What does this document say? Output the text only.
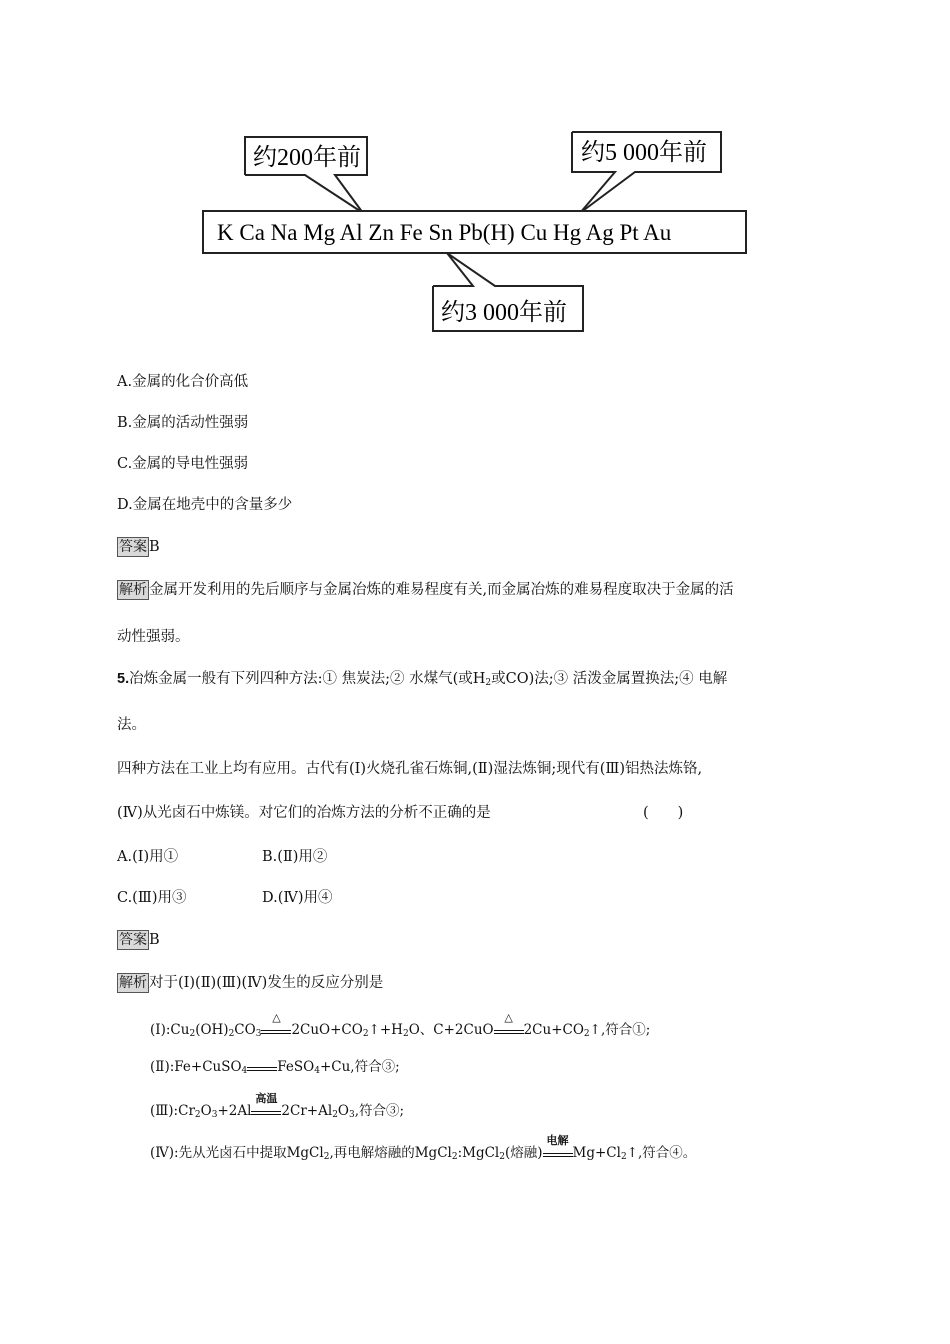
约200年前	约5 000年前
K Ca Na Mg Al Zn Fe Sn Pb(H) Cu Hg Ag Pt Au
约3 000年前
A.金属的化合价高低
B.金属的活动性强弱
C.金属的导电性强弱
D.金属在地壳中的含量多少
答案 B
解析 金属开发利用的先后顺序与金属冶炼的难易程度有关,而金属冶炼的难易程度取决于金属的活
动性强弱。
5.冶炼金属一般有下列四种方法:① 焦炭法;② 水煤气(或$H_2$或CO)法;③ 活泼金属置换法;④ 电解
法。
四种方法在工业上均有应用。古代有(Ⅰ)火烧孔雀石炼铜,(Ⅱ)湿法炼铜;现代有(Ⅲ)铝热法炼铬,
(Ⅳ)从光卤石中炼镁。对它们的冶炼方法的分析不正确的是	(　　)
A.(Ⅰ)用①	B.(Ⅱ)用②
C.(Ⅲ)用③	D.(Ⅳ)用④
答案 B
解析 对于(Ⅰ)(Ⅱ)(Ⅲ)(Ⅳ)发生的反应分别是
$(Ⅰ):Cu_2(OH)_2CO_3$
△
$2CuO+CO_2↑+H_2O$、C+2CuO
△
$2Cu+CO_2↑$,符合①;
(Ⅱ):Fe+CuSO$_4$ FeSO$_4$+Cu,符合③;
$(Ⅲ):Cr_2O_3+2Al$
高温
$2Cr+Al_2O_3$,符合③;
(Ⅳ):先从光卤石中提取MgCl$_2$,再电解熔融的MgCl$_2$:MgCl$_2$(熔融)
电解
$Mg+Cl_2↑$,符合④。
